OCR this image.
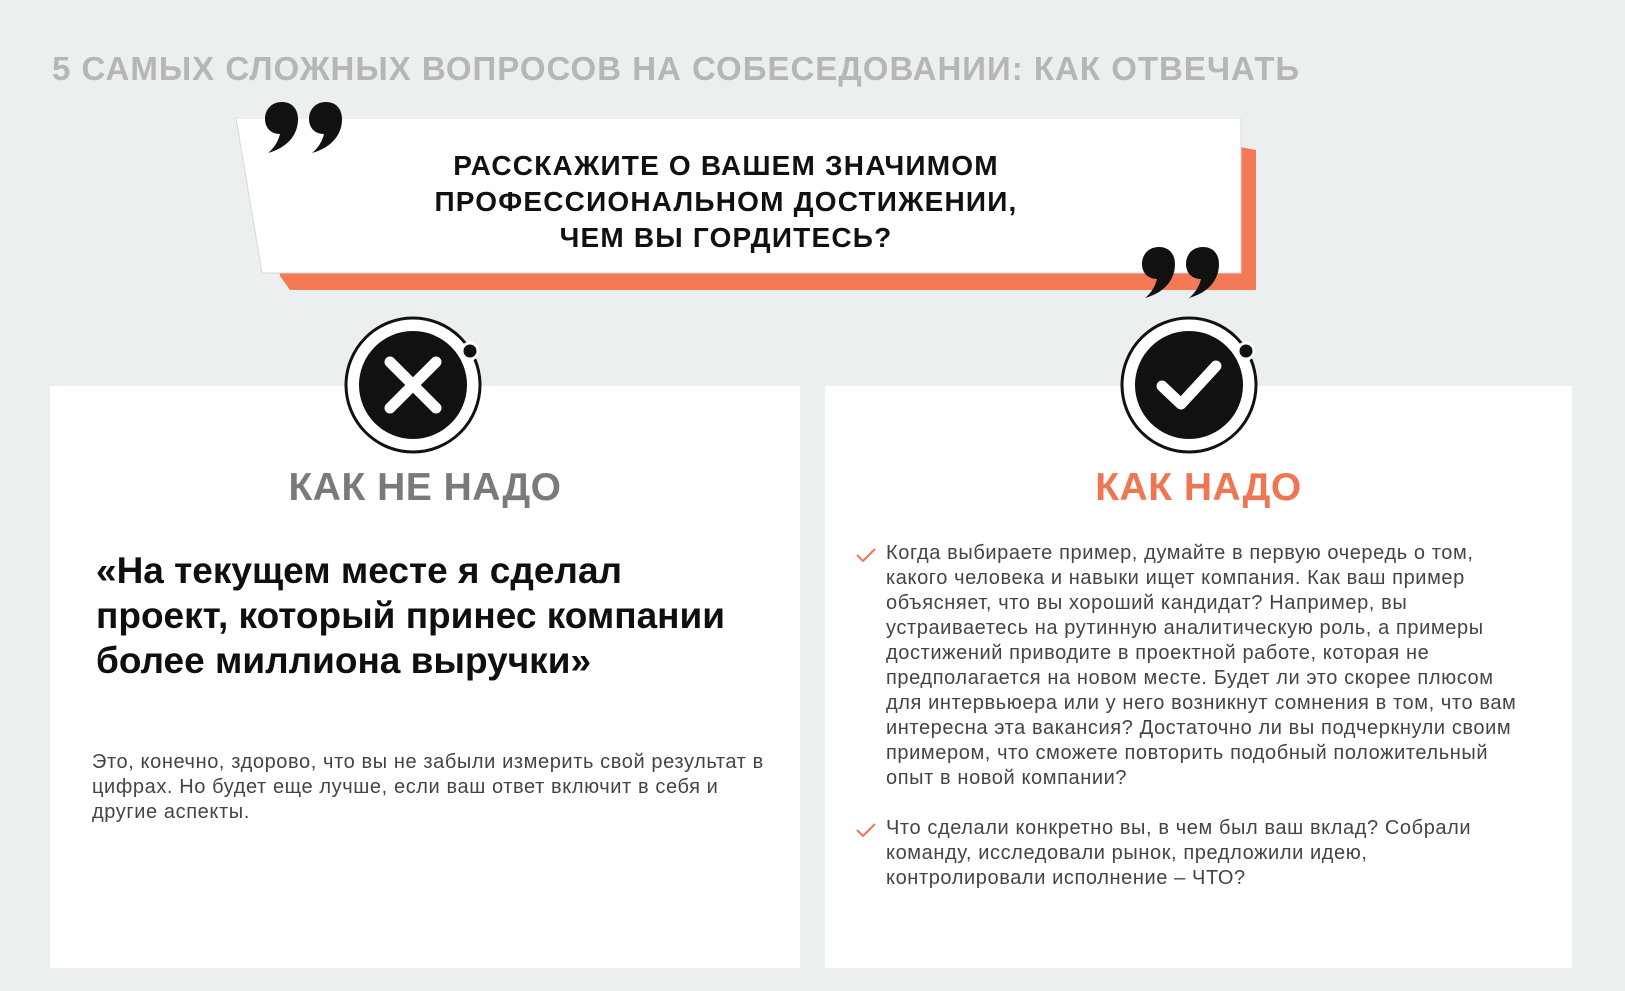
5 САМЫХ СЛОЖНЫХ ВОПРОСОВ НА СОБЕСЕДОВАНИИ: КАК ОТВЕЧАТЬ
РАССКАЖИТЕ О ВАШЕМ ЗНАЧИМОМ
ПРОФЕССИОНАЛЬНОМ ДОСТИЖЕНИИ,
ЧЕМ ВЫ ГОРДИТЕСЬ?
КАК НЕ НАДО
«На текущем месте я сделал проект, который принес компании более миллиона выручки»
Это, конечно, здорово, что вы не забыли измерить свой результат в цифрах. Но будет еще лучше, если ваш ответ включит в себя и другие аспекты.
КАК НАДО
Когда выбираете пример, думайте в первую очередь о том, какого человека и навыки ищет компания. Как ваш пример объясняет, что вы хороший кандидат? Например, вы устраиваетесь на рутинную аналитическую роль, а примеры достижений приводите в проектной работе, которая не предполагается на новом месте. Будет ли это скорее плюсом для интервьюера или у него возникнут сомнения в том, что вам интересна эта вакансия? Достаточно ли вы подчеркнули своим примером, что сможете повторить подобный положительный опыт в новой компании?
Что сделали конкретно вы, в чем был ваш вклад? Собрали команду, исследовали рынок, предложили идею, контролировали исполнение – ЧТО?
